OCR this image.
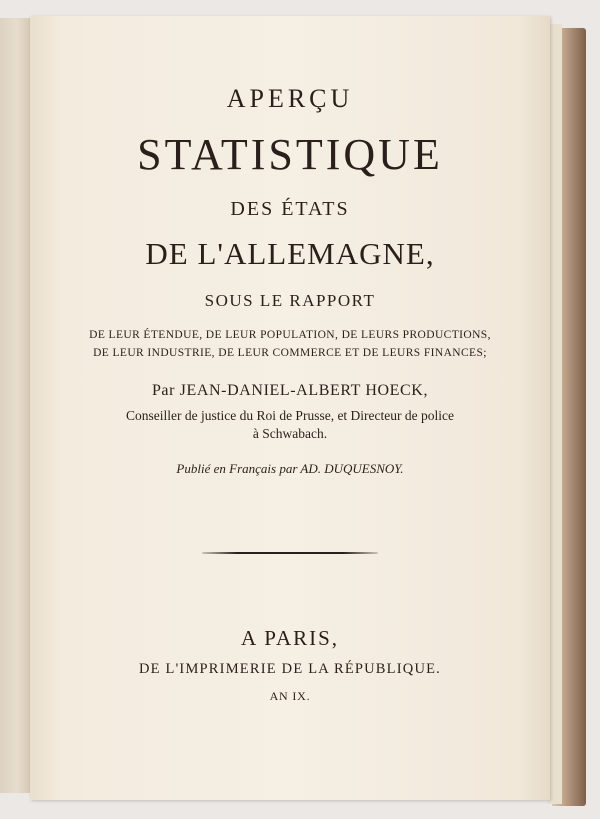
APERÇU
STATISTIQUE
DES ÉTATS
DE L'ALLEMAGNE,
SOUS LE RAPPORT
DE LEUR ÉTENDUE, DE LEUR POPULATION, DE LEURS PRODUCTIONS,
DE LEUR INDUSTRIE, DE LEUR COMMERCE ET DE LEURS FINANCES;
Par JEAN-DANIEL-ALBERT HOECK,
Conseiller de justice du Roi de Prusse, et Directeur de police
à Schwabach.
Publié en Français par AD. DUQUESNOY.
A PARIS,
DE L'IMPRIMERIE DE LA RÉPUBLIQUE.
AN IX.
